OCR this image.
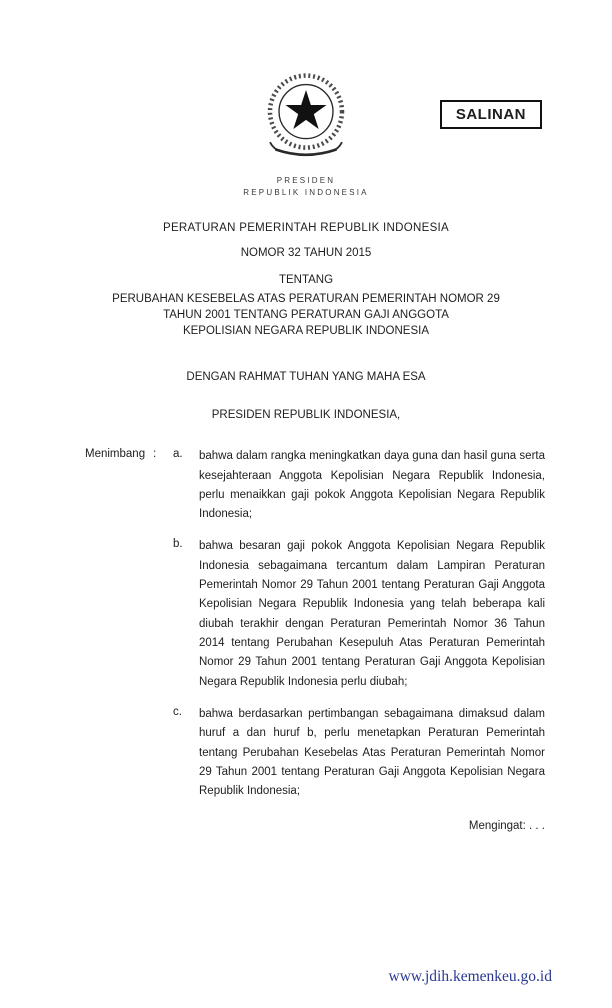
SALINAN
PRESIDEN
REPUBLIK INDONESIA
PERATURAN PEMERINTAH REPUBLIK INDONESIA
NOMOR 32 TAHUN 2015
TENTANG
PERUBAHAN KESEBELAS ATAS PERATURAN PEMERINTAH NOMOR 29
TAHUN 2001 TENTANG PERATURAN GAJI ANGGOTA
KEPOLISIAN NEGARA REPUBLIK INDONESIA
DENGAN RAHMAT TUHAN YANG MAHA ESA
PRESIDEN REPUBLIK INDONESIA,
Menimbang :	a.	bahwa dalam rangka meningkatkan daya guna dan hasil guna serta kesejahteraan Anggota Kepolisian Negara Republik Indonesia, perlu menaikkan gaji pokok Anggota Kepolisian Negara Republik Indonesia;

b.	bahwa besaran gaji pokok Anggota Kepolisian Negara Republik Indonesia sebagaimana tercantum dalam Lampiran Peraturan Pemerintah Nomor 29 Tahun 2001 tentang Peraturan Gaji Anggota Kepolisian Negara Republik Indonesia yang telah beberapa kali diubah terakhir dengan Peraturan Pemerintah Nomor 36 Tahun 2014 tentang Perubahan Kesepuluh Atas Peraturan Pemerintah Nomor 29 Tahun 2001 tentang Peraturan Gaji Anggota Kepolisian Negara Republik Indonesia perlu diubah;

c.	bahwa berdasarkan pertimbangan sebagaimana dimaksud dalam huruf a dan huruf b, perlu menetapkan Peraturan Pemerintah tentang Perubahan Kesebelas Atas Peraturan Pemerintah Nomor 29 Tahun 2001 tentang Peraturan Gaji Anggota Kepolisian Negara Republik Indonesia;

Mengingat: . . .
www.jdih.kemenkeu.go.id
